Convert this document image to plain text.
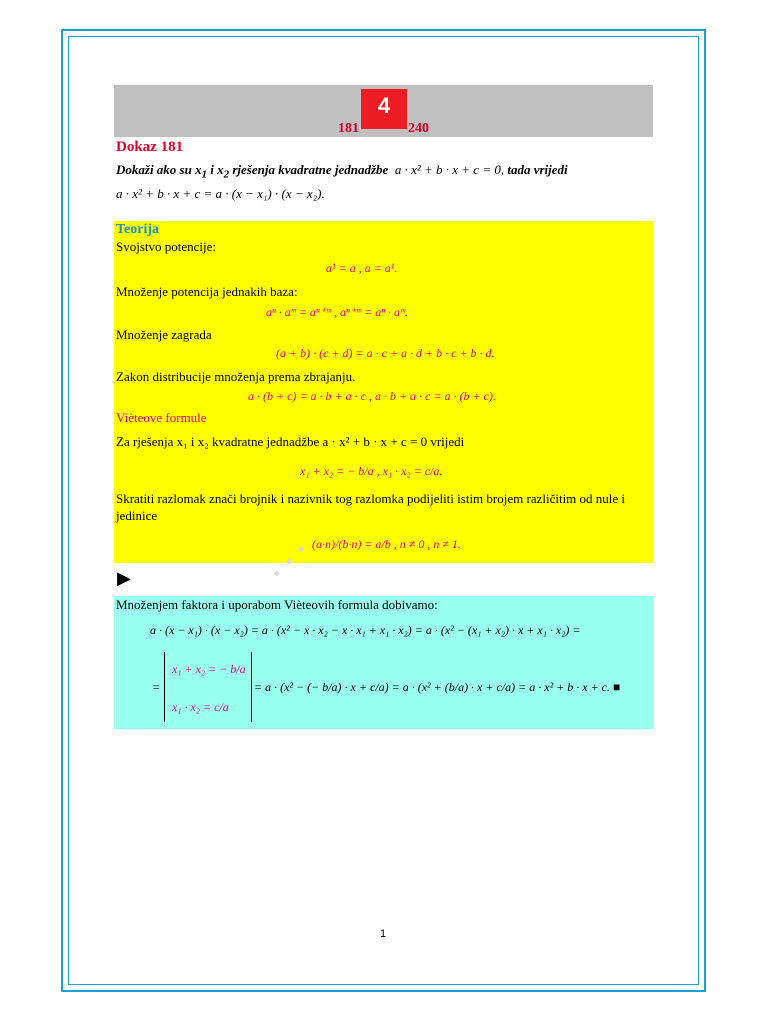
4
181	240
Dokaz 181
Dokaži ako su $x_1$ i $x_2$ rješenja kvadratne jednadžbe a · x² + b · x + c = 0, tada vrijedi
a · x² + b · x + c = a · (x − x₁) · (x − x₂).
Teorija
Svojstvo potencije:
a¹ = a , a = a¹.
Množenje potencija jednakih baza:
aⁿ · aᵐ = aⁿ⁺ᵐ , aⁿ⁺ᵐ = aⁿ · aᵐ.
Množenje zagrada
(a + b) · (c + d) = a · c + a · d + b · c + b · d.
Zakon distribucije množenja prema zbrajanju.
a · (b + c) = a · b + a · c , a · b + a · c = a · (b + c).
Vièteove formule
Za rješenja x₁ i x₂ kvadratne jednadžbe a · x² + b · x + c = 0 vrijedi
x₁ + x₂ = − b/a , x₁ · x₂ = c/a.
Skratiti razlomak znači brojnik i nazivnik tog razlomka podijeliti istim brojem različitim od nule i
jedinice
(a·n)/(b·n) = a/b , n ≠ 0 , n ≠ 1.
· · ·
▶
Množenjem faktora i uporabom Vièteovih formula dobivamo:
a · (x − x₁) · (x − x₂) = a · (x² − x · x₂ − x · x₁ + x₁ · x₂) = a · (x² − (x₁ + x₂) · x + x₁ · x₂) =
x₁ + x₂ = − b/a
x₁ · x₂ = c/a
=	= a · (x² − (− b/a) · x + c/a) = a · (x² + (b/a) · x + c/a) = a · x² + b · x + c. ■
1
